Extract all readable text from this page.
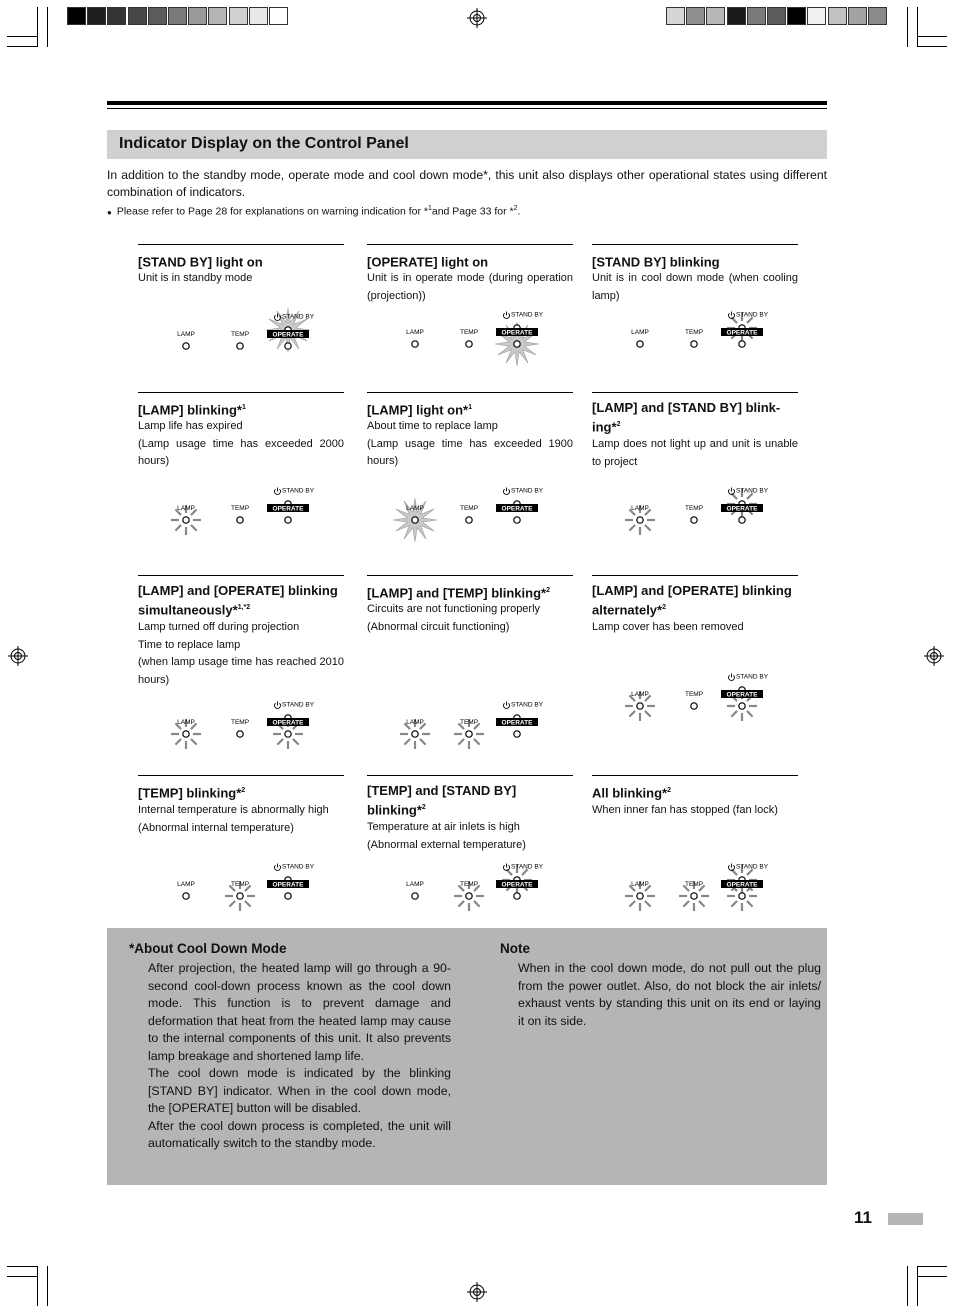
Indicator Display on the Control Panel
In addition to the standby mode, operate mode and cool down mode*, this unit also displays other operational states using different combination of indicators.
● Please refer to Page 28 for explanations on warning indication for *$^1$and Page 33 for *$^2$.
[STAND BY] light on
Unit is in standby mode
LAMP	TEMP
STAND BY
OPERATE
[OPERATE] light on
Unit is in operate mode (during operation (projection))
LAMP	TEMP
STAND BY
OPERATE
[STAND BY] blinking
Unit is in cool down mode (when cooling lamp)
LAMP	TEMP
STAND BY
OPERATE
[LAMP] blinking*$^1$
Lamp life has expired
(Lamp usage time has exceeded 2000 hours)
LAMP	TEMP
STAND BY
OPERATE
[LAMP] light on*$^1$
About time to replace lamp
(Lamp usage time has exceeded 1900 hours)
LAMP	TEMP
STAND BY
OPERATE
[LAMP] and [STAND BY] blink-ing*$^2$
Lamp does not light up and unit is unable to project
LAMP	TEMP
STAND BY
OPERATE
[LAMP] and [OPERATE] blinking simultaneously*$^{1,*2}$
Lamp turned off during projection
Time to replace lamp
(when lamp usage time has reached 2010 hours)
LAMP	TEMP
STAND BY
OPERATE
[LAMP] and [TEMP] blinking*$^2$
Circuits are not functioning properly
(Abnormal circuit functioning)
LAMP	TEMP
STAND BY
OPERATE
[LAMP] and [OPERATE] blinking alternately*$^2$
Lamp cover has been removed
LAMP	TEMP
STAND BY
OPERATE
[TEMP] blinking*$^2$
Internal temperature is abnormally high
(Abnormal internal temperature)
LAMP	TEMP
STAND BY
OPERATE
[TEMP] and [STAND BY] blinking*$^2$
Temperature at air inlets is high
(Abnormal external temperature)
LAMP	TEMP
STAND BY
OPERATE
All blinking*$^2$
When inner fan has stopped (fan lock)
LAMP	TEMP
STAND BY
OPERATE
*About Cool Down Mode
After projection, the heated lamp will go through a 90-second cool-down process known as the cool down mode. This function is to prevent damage and deformation that heat from the heated lamp may cause to the internal components of this unit. It also prevents lamp breakage and shortened lamp life.
The cool down mode is indicated by the blinking [STAND BY] indicator. When in the cool down mode, the [OPERATE] button will be disabled.
After the cool down process is completed, the unit will automatically switch to the standby mode.
Note
When in the cool down mode, do not pull out the plug from the power outlet. Also, do not block the air inlets/ exhaust vents by standing this unit on its end or laying it on its side.
11
